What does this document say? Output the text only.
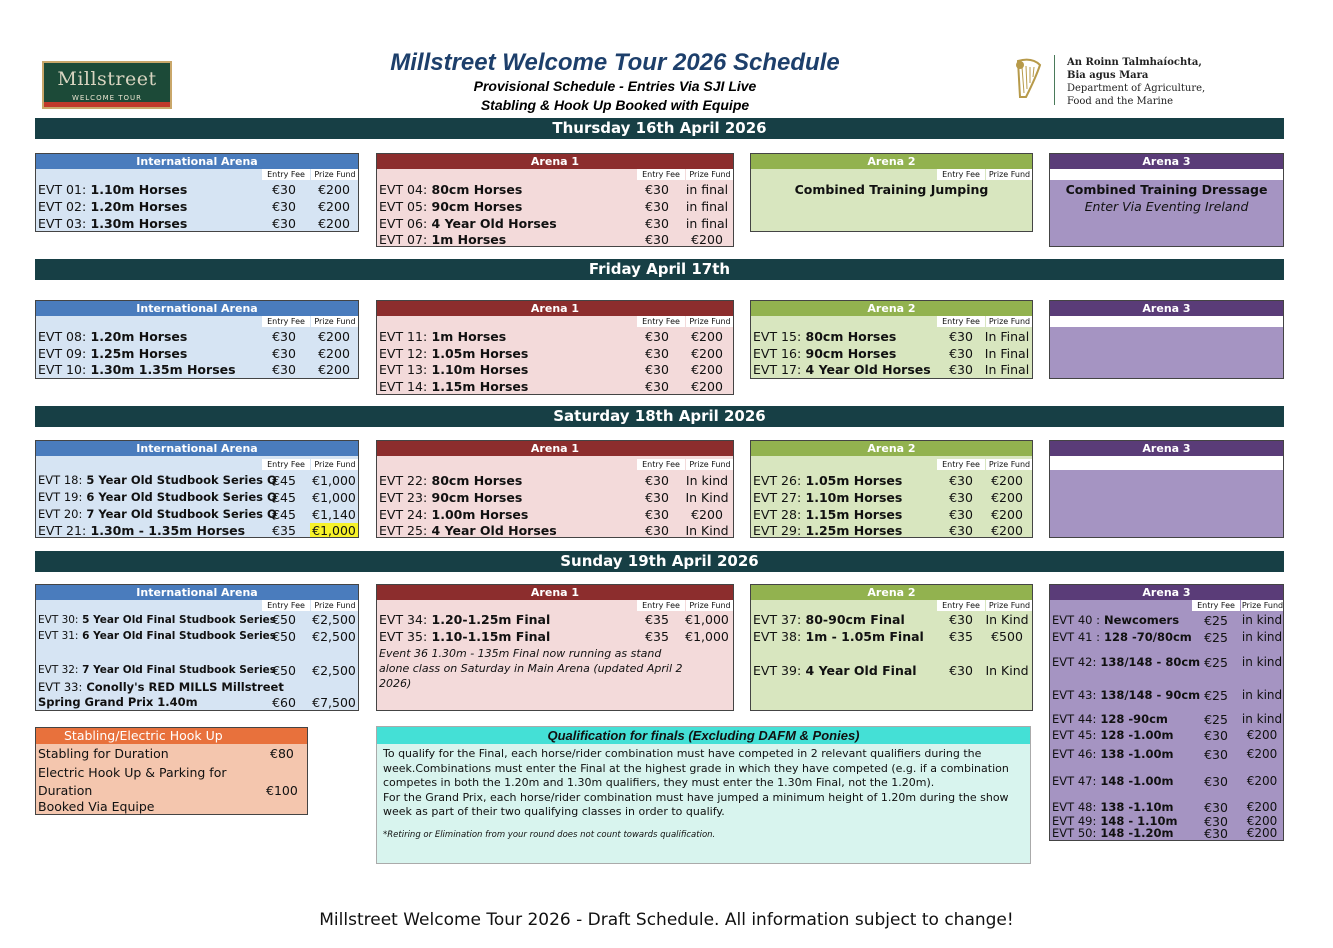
Millstreet
WELCOME TOUR
Millstreet Welcome Tour 2026 Schedule
Provisional Schedule - Entries Via SJI Live
Stabling & Hook Up Booked with Equipe
An Roinn Talmhaíochta,
Bia agus Mara
Department of Agriculture,
Food and the Marine
Thursday 16th April 2026
Friday April 17th
Saturday 18th April 2026
Sunday 19th April 2026
International Arena
Entry Fee	Prize Fund
EVT 01: 1.10m Horses	€30	€200
EVT 02: 1.20m Horses	€30	€200
EVT 03: 1.30m Horses	€30	€200
Arena 1
Entry Fee	Prize Fund
EVT 04: 80cm Horses	€30	in final
EVT 05: 90cm Horses	€30	in final
EVT 06: 4 Year Old Horses	€30	in final
EVT 07: 1m Horses	€30	€200
Arena 2
Entry Fee	Prize Fund
Combined Training Jumping
Arena 3
Combined Training Dressage
Enter Via Eventing Ireland
International Arena
Entry Fee	Prize Fund
EVT 08: 1.20m Horses	€30	€200
EVT 09: 1.25m Horses	€30	€200
EVT 10: 1.30m 1.35m Horses	€30	€200
Arena 1
Entry Fee	Prize Fund
EVT 11: 1m Horses	€30	€200
EVT 12: 1.05m Horses	€30	€200
EVT 13: 1.10m Horses	€30	€200
EVT 14: 1.15m Horses	€30	€200
Arena 2
Entry Fee	Prize Fund
EVT 15: 80cm Horses	€30 In Final
EVT 16: 90cm Horses	€30 In Final
EVT 17: 4 Year Old Horses	€30 In Final
Arena 3
International Arena
Entry Fee	Prize Fund
EVT 18: 5 Year Old Studbook Series Q
€45	€1,000
EVT 19: 6 Year Old Studbook Series Q
€45	€1,000
EVT 20: 7 Year Old Studbook Series Q
€45	€1,140
EVT 21: 1.30m - 1.35m Horses	€35	€1,000
Arena 1
Entry Fee	Prize Fund
EVT 22: 80cm Horses	€30	In kind
EVT 23: 90cm Horses	€30	In Kind
EVT 24: 1.00m Horses	€30	€200
EVT 25: 4 Year Old Horses	€30	In Kind
Arena 2
Entry Fee	Prize Fund
EVT 26: 1.05m Horses	€30	€200
EVT 27: 1.10m Horses	€30	€200
EVT 28: 1.15m Horses	€30	€200
EVT 29: 1.25m Horses	€30	€200
Arena 3
International Arena
Entry Fee	Prize Fund
EVT 30: 5 Year Old Final Studbook Series
€50	€2,500
EVT 31: 6 Year Old Final Studbook Series
€50	€2,500
EVT 32: 7 Year Old Final Studbook Series
€50	€2,500
EVT 33: Conolly's RED MILLS Millstreet
Spring Grand Prix 1.40m	€60	€7,500
Arena 1
Entry Fee	Prize Fund
EVT 34: 1.20-1.25m Final	€35	€1,000
EVT 35: 1.10-1.15m Final	€35	€1,000
Event 36 1.30m - 135m Final now running as stand alone class on Saturday in Main Arena (updated April 2 2026)
Arena 2
Entry Fee	Prize Fund
EVT 37: 80-90cm Final	€30	In Kind
EVT 38: 1m - 1.05m Final	€35	€500
EVT 39: 4 Year Old Final	€30	In Kind
Arena 3
Entry Fee Prize Fund
EVT 40 : Newcomers	€25	in kind
EVT 41 : 128 -70/80cm €25	in kind
EVT 42: 138/148 - 80cm €25	in kind
EVT 43: 138/148 - 90cm €25	in kind
EVT 44: 128 -90cm	€25	in kind
EVT 45: 128 -1.00m	€30	€200
EVT 46: 138 -1.00m	€30	€200
EVT 47: 148 -1.00m	€30	€200
EVT 48: 138 -1.10m	€30	€200
EVT 49: 148 - 1.10m	€30	€200
EVT 50: 148 -1.20m	€30	€200
Stabling/Electric Hook Up
Stabling for Duration	€80
Electric Hook Up & Parking for
Duration	€100
Booked Via Equipe
Qualification for finals (Excluding DAFM & Ponies)
To qualify for the Final, each horse/rider combination must have competed in 2 relevant qualifiers during the week.Combinations must enter the Final at the highest grade in which they have competed (e.g. if a combination competes in both the 1.20m and 1.30m qualifiers, they must enter the 1.30m Final, not the 1.20m).
For the Grand Prix, each horse/rider combination must have jumped a minimum height of 1.20m during the show week as part of their two qualifying classes in order to qualify.
*Retiring or Elimination from your round does not count towards qualification.
Millstreet Welcome Tour 2026 - Draft Schedule. All information subject to change!
